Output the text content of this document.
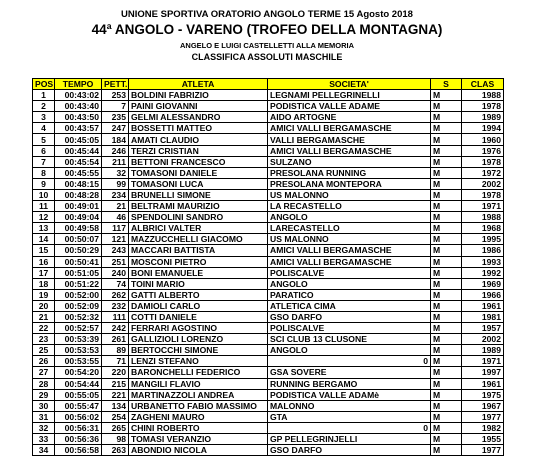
UNIONE SPORTIVA ORATORIO ANGOLO TERME 15 Agosto 2018
44ª ANGOLO - VARENO (TROFEO DELLA MONTAGNA)
ANGELO E LUIGI CASTELLETTI ALLA MEMORIA
CLASSIFICA ASSOLUTI MASCHILE
POS	TEMPO	PETT.	ATLETA	SOCIETA'	S	CLAS
1	00:43:02	253	BOLDINI FABRIZIO	LEGNAMI PELLEGRINELLI	M	1988
2	00:43:40	7	PAINI GIOVANNI	PODISTICA VALLE ADAME	M	1978
3	00:43:50	235	GELMI ALESSANDRO	AIDO ARTOGNE	M	1989
4	00:43:57	247	BOSSETTI MATTEO	AMICI VALLI BERGAMASCHE	M	1994
5	00:45:05	184	AMATI CLAUDIO	VALLI BERGAMASCHE	M	1960
6	00:45:44	246	TERZI CRISTIAN	AMICI VALLI BERGAMASCHE	M	1976
7	00:45:54	211	BETTONI FRANCESCO	SULZANO	M	1978
8	00:45:55	32	TOMASONI DANIELE	PRESOLANA RUNNING	M	1972
9	00:48:15	99	TOMASONI LUCA	PRESOLANA MONTEPORA	M	2002
10	00:48:28	234	BRUNELLI SIMONE	US MALONNO	M	1978
11	00:49:01	21	BELTRAMI MAURIZIO	LA RECASTELLO	M	1971
12	00:49:04	46	SPENDOLINI SANDRO	ANGOLO	M	1988
13	00:49:58	117	ALBRICI VALTER	LARECASTELLO	M	1968
14	00:50:07	121	MAZZUCCHELLI GIACOMO	US MALONNO	M	1995
15	00:50:29	243	MACCARI BATTISTA	AMICI VALLI BERGAMASCHE	M	1986
16	00:50:41	251	MOSCONI PIETRO	AMICI VALLI BERGAMASCHE	M	1993
17	00:51:05	240	BONI EMANUELE	POLISCALVE	M	1992
18	00:51:22	74	TOINI MARIO	ANGOLO	M	1969
19	00:52:00	262	GATTI ALBERTO	PARATICO	M	1966
20	00:52:09	232	DAMIOLI CARLO	ATLETICA CIMA	M	1961
21	00:52:32	111	COTTI DANIELE	GSO DARFO	M	1981
22	00:52:57	242	FERRARI AGOSTINO	POLISCALVE	M	1957
23	00:53:39	261	GALLIZIOLI LORENZO	SCI CLUB 13 CLUSONE	M	2002
25	00:53:53	89	BERTOCCHI SIMONE	ANGOLO	M	1989
26	00:53:55	71	LENZI STEFANO	0	M	1971
27	00:54:20	220	BARONCHELLI FEDERICO	GSA SOVERE	M	1997
28	00:54:44	215	MANGILI FLAVIO	RUNNING BERGAMO	M	1961
29	00:55:05	221	MARTINAZZOLI ANDREA	PODISTICA VALLE ADAMè	M	1975
30	00:55:47	134	URBANETTO FABIO MASSIMO	MALONNO	M	1967
31	00:56:02	254	ZAGHENI MAURO	GTA	M	1977
32	00:56:31	265	CHINI ROBERTO	0	M	1982
33	00:56:36	98	TOMASI VERANZIO	GP PELLEGRINJELLI	M	1955
34	00:56:58	263	ABONDIO NICOLA	GSO DARFO	M	1977
